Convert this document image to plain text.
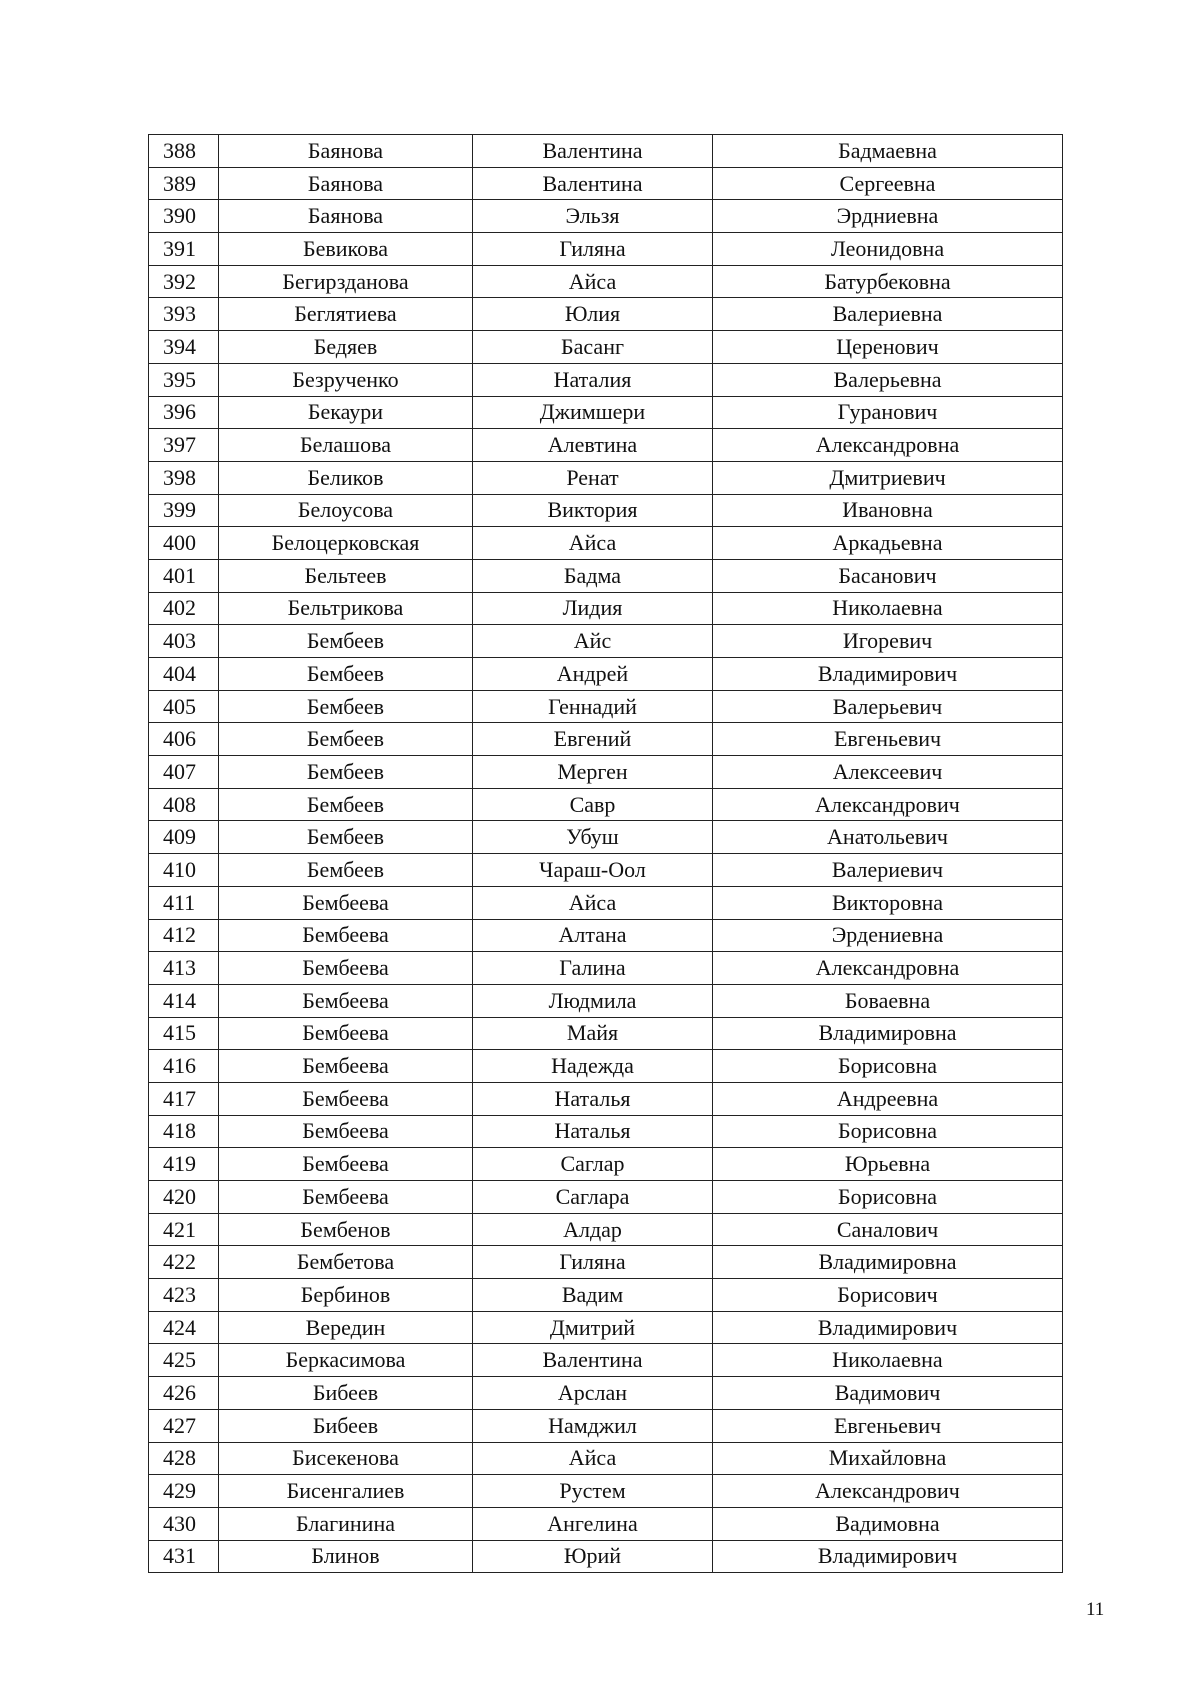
388	Баянова	Валентина	Бадмаевна
389	Баянова	Валентина	Сергеевна
390	Баянова	Эльзя	Эрдниевна
391	Бевикова	Гиляна	Леонидовна
392	Бегирзданова	Айса	Батурбековна
393	Беглятиева	Юлия	Валериевна
394	Бедяев	Басанг	Церенович
395	Безрученко	Наталия	Валерьевна
396	Бекаури	Джимшери	Гуранович
397	Белашова	Алевтина	Александровна
398	Беликов	Ренат	Дмитриевич
399	Белоусова	Виктория	Ивановна
400	Белоцерковская	Айса	Аркадьевна
401	Бельтеев	Бадма	Басанович
402	Бельтрикова	Лидия	Николаевна
403	Бембеев	Айс	Игоревич
404	Бембеев	Андрей	Владимирович
405	Бембеев	Геннадий	Валерьевич
406	Бембеев	Евгений	Евгеньевич
407	Бембеев	Мерген	Алексеевич
408	Бембеев	Савр	Александрович
409	Бембеев	Убуш	Анатольевич
410	Бембеев	Чараш-Оол	Валериевич
411	Бембеева	Айса	Викторовна
412	Бембеева	Алтана	Эрдениевна
413	Бембеева	Галина	Александровна
414	Бембеева	Людмила	Боваевна
415	Бембеева	Майя	Владимировна
416	Бембеева	Надежда	Борисовна
417	Бембеева	Наталья	Андреевна
418	Бембеева	Наталья	Борисовна
419	Бембеева	Саглар	Юрьевна
420	Бембеева	Саглара	Борисовна
421	Бембенов	Алдар	Саналович
422	Бембетова	Гиляна	Владимировна
423	Бербинов	Вадим	Борисович
424	Beредин	Дмитрий	Владимирович
425	Беркасимова	Валентина	Николаевна
426	Бибеев	Арслан	Вадимович
427	Бибеев	Намджил	Евгеньевич
428	Бисекенова	Айса	Михайловна
429	Бисенгалиев	Рустем	Александрович
430	Благинина	Ангелина	Вадимовна
431	Блинов	Юрий	Владимирович
11
